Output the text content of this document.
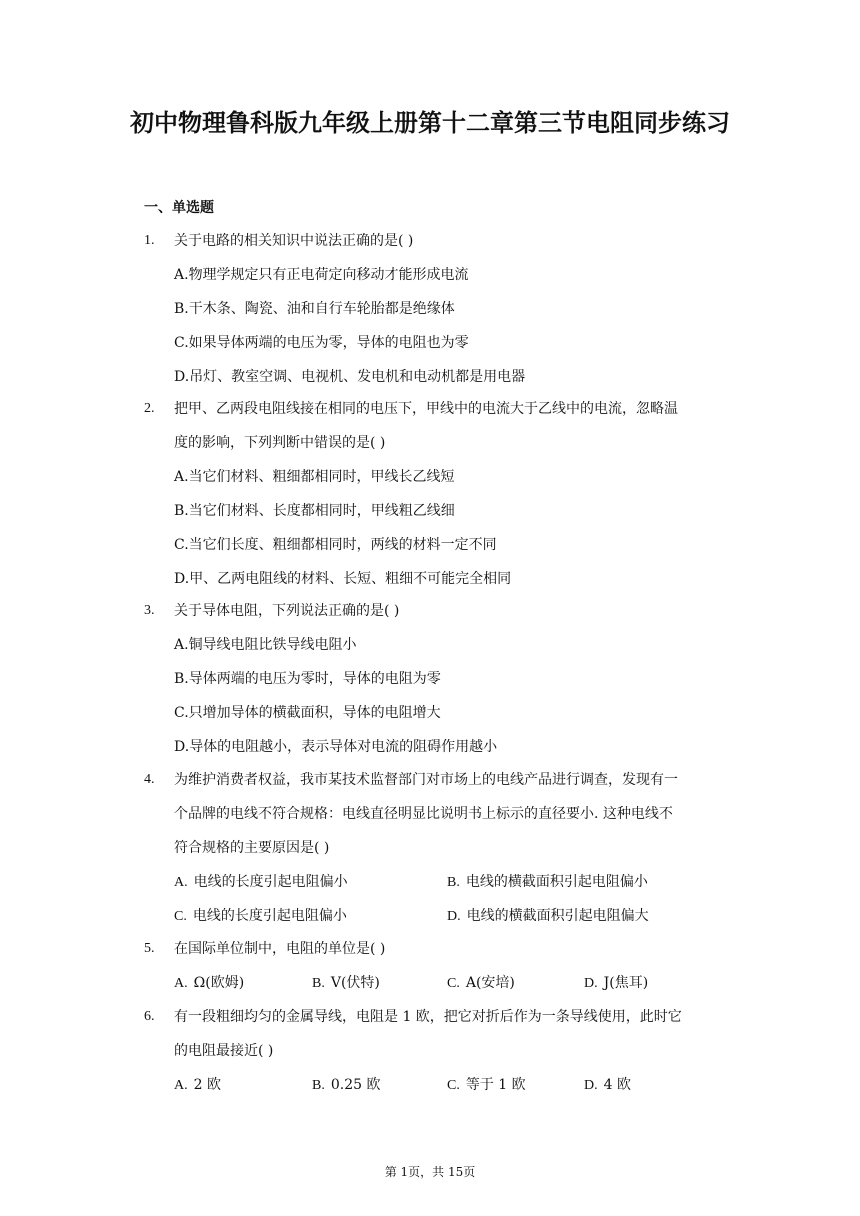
初中物理鲁科版九年级上册第十二章第三节电阻同步练习
一、单选题
1. 关于电路的相关知识中说法正确的是( )
A.物理学规定只有正电荷定向移动才能形成电流
B.干木条、陶瓷、油和自行车轮胎都是绝缘体
C.如果导体两端的电压为零，导体的电阻也为零
D.吊灯、教室空调、电视机、发电机和电动机都是用电器
2. 把甲、乙两段电阻线接在相同的电压下，甲线中的电流大于乙线中的电流，忽略温
度的影响，下列判断中错误的是( )
A.当它们材料、粗细都相同时，甲线长乙线短
B.当它们材料、长度都相同时，甲线粗乙线细
C.当它们长度、粗细都相同时，两线的材料一定不同
D.甲、乙两电阻线的材料、长短、粗细不可能完全相同
3. 关于导体电阻，下列说法正确的是( )
A.铜导线电阻比铁导线电阻小
B.导体两端的电压为零时，导体的电阻为零
C.只增加导体的横截面积，导体的电阻增大
D.导体的电阻越小，表示导体对电流的阻碍作用越小
4. 为维护消费者权益，我市某技术监督部门对市场上的电线产品进行调查，发现有一
个品牌的电线不符合规格：电线直径明显比说明书上标示的直径要小. 这种电线不
符合规格的主要原因是( )
A. 电线的长度引起电阻偏小	B. 电线的横截面积引起电阻偏小
C. 电线的长度引起电阻偏小	D. 电线的横截面积引起电阻偏大
5. 在国际单位制中，电阻的单位是( )
A. Ω(欧姆)	B. V(伏特)	C. A(安培)	D. J(焦耳)
6. 有一段粗细均匀的金属导线，电阻是 1 欧，把它对折后作为一条导线使用，此时它
的电阻最接近( )
A. 2 欧	B. 0.25 欧	C. 等于 1 欧	D. 4 欧
第 1页，共 15页
